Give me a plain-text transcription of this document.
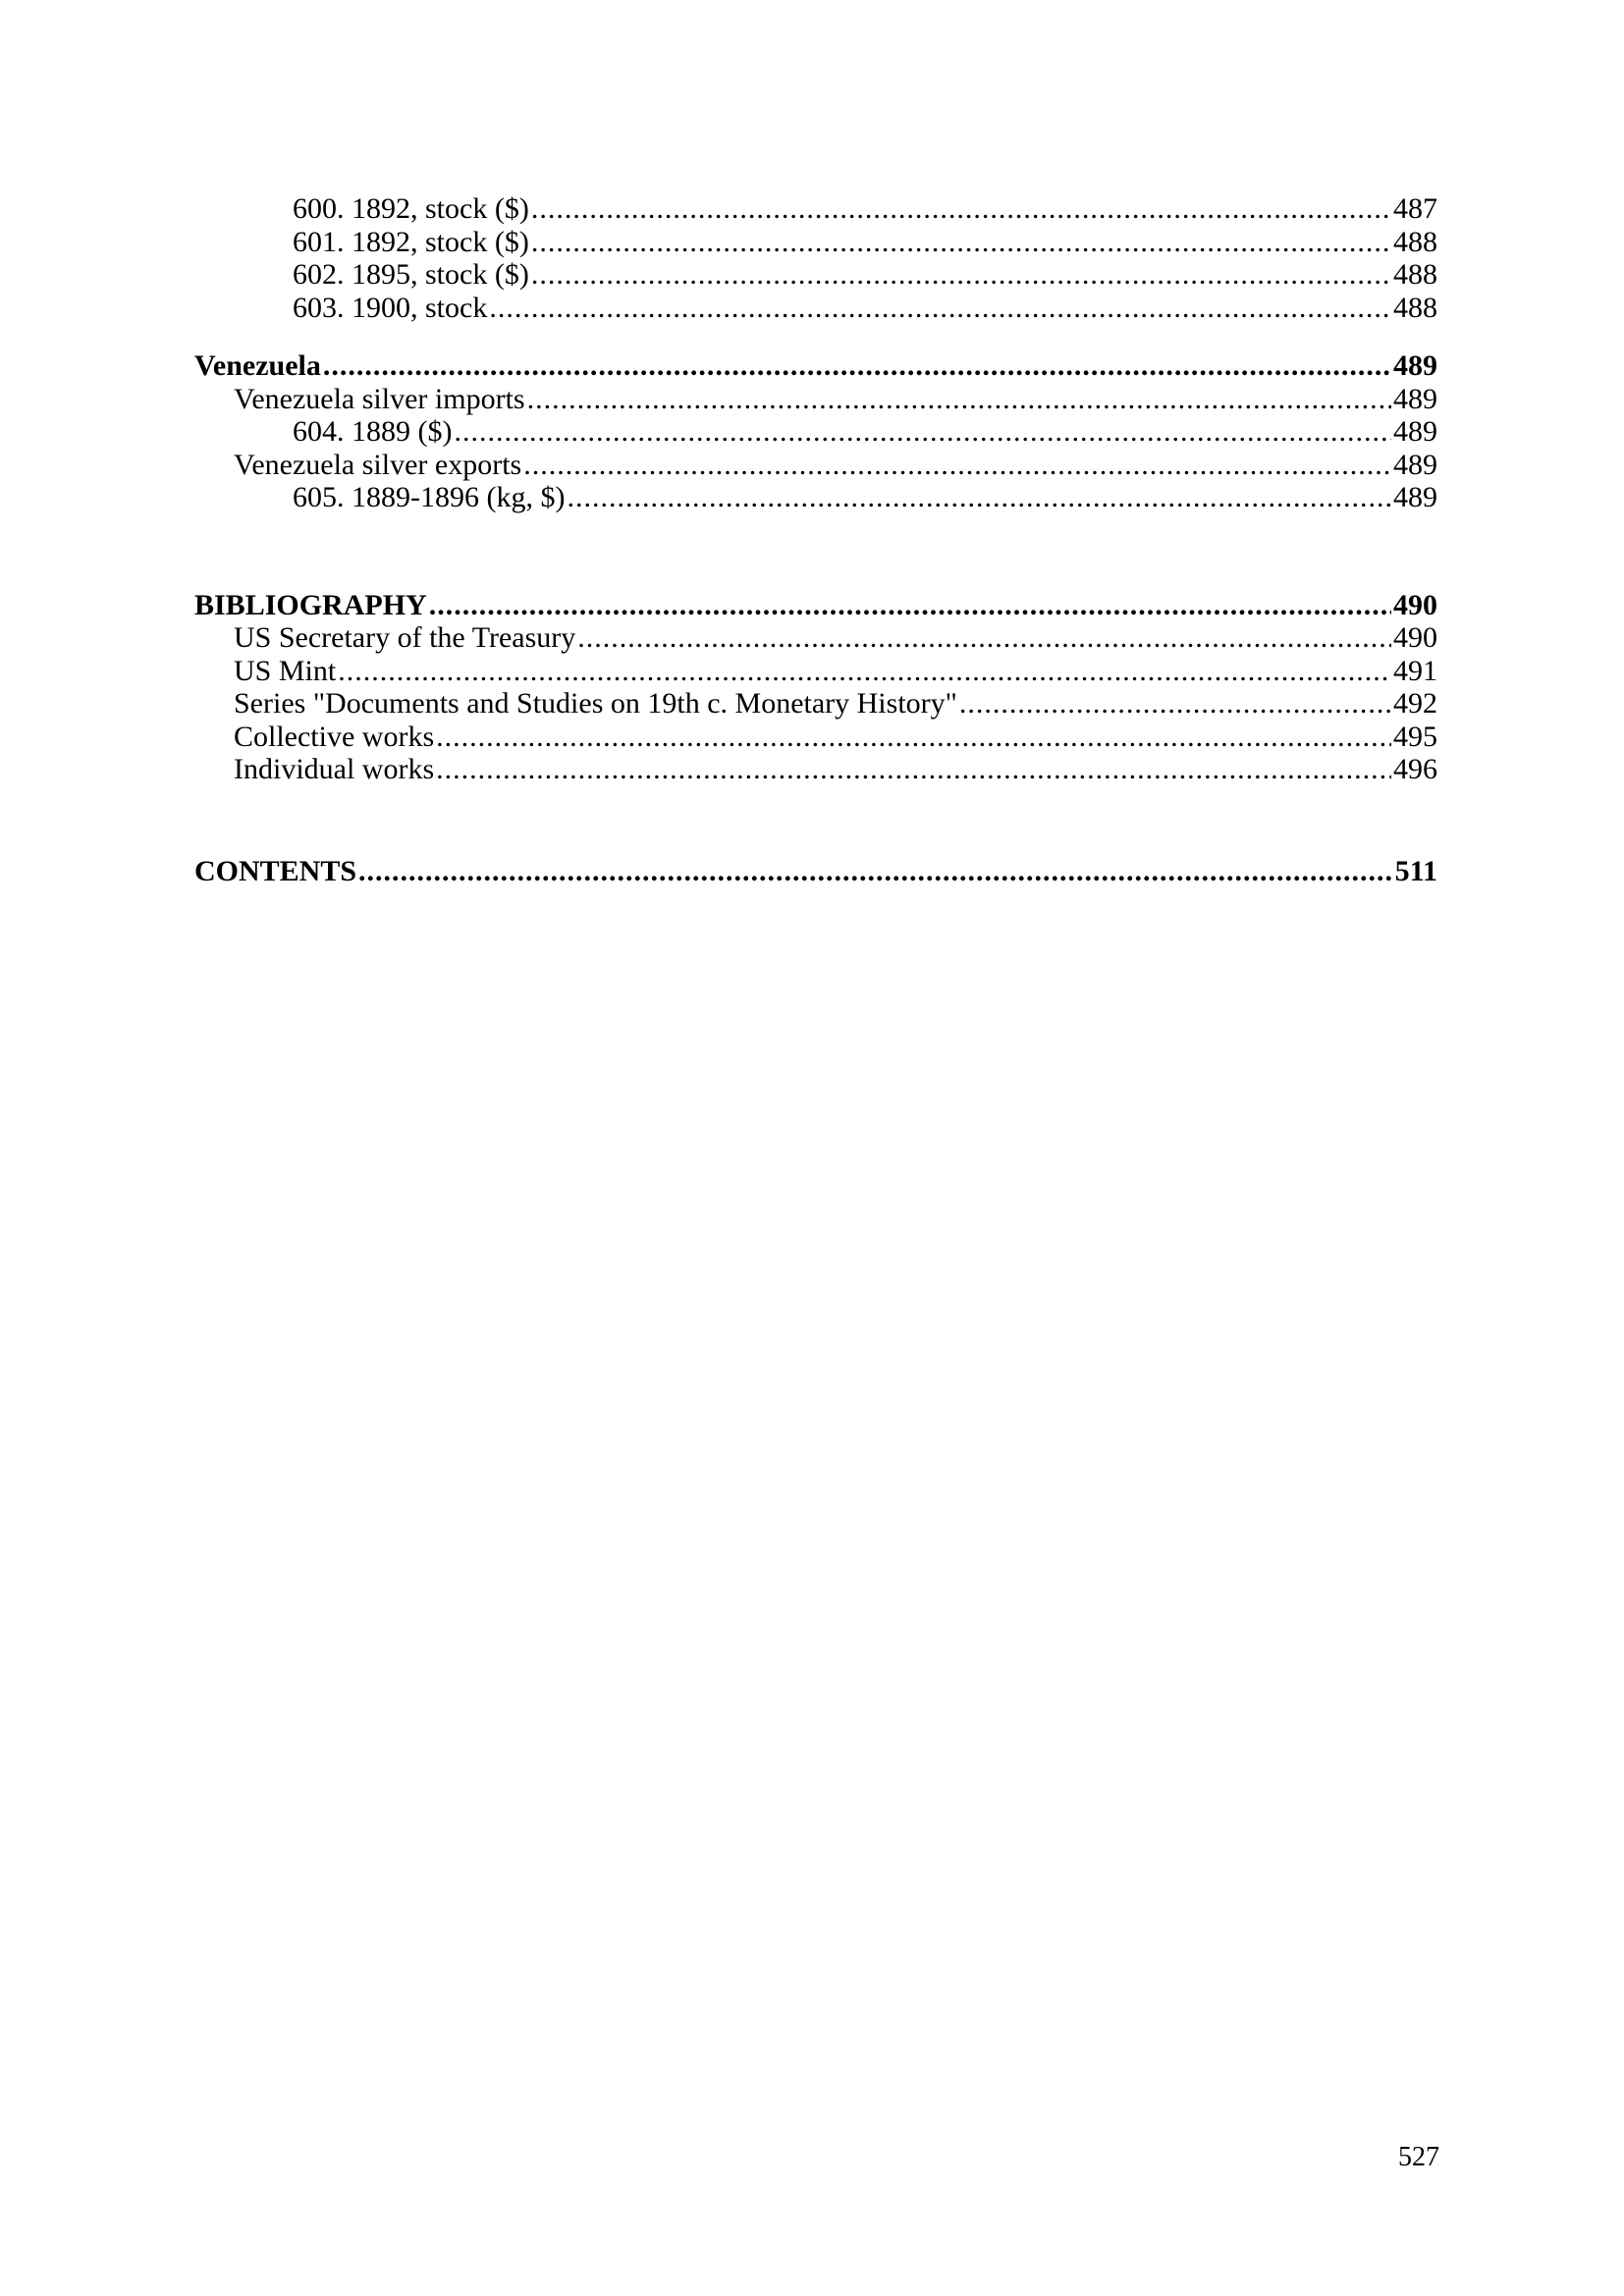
600. 1892, stock ($) .....	487
601. 1892, stock ($) .....	488
602. 1895, stock ($) .....	488
603. 1900, stock .....	488
Venezuela .....	489
Venezuela silver imports .....	489
604. 1889 ($) .....	489
Venezuela silver exports .....	489
605. 1889-1896 (kg, $) .....	489
BIBLIOGRAPHY .....	490
US Secretary of the Treasury .....	490
US Mint .....	491
Series "Documents and Studies on 19th c. Monetary History" .....	492
Collective works .....	495
Individual works .....	496
CONTENTS .....	511
527
